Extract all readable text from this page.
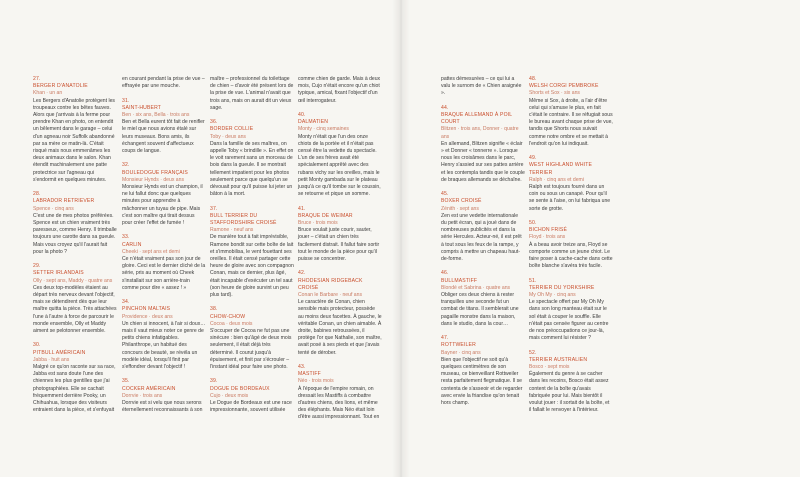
27.
BERGER D'ANATOLIE
Khan · un an
Les Bergers d'Anatolie protègent les troupeaux contre les bêtes fauves. Alors que j'arrivais à la ferme pour prendre Khan en photo, on entendit un bêlement dans le garage – celui d'un agneau noir Suffolk abandonné par sa mère ce matin-là. C'était risqué mais nous emmenâmes les deux animaux dans le salon. Khan étendit machinalement une patte protectrice sur l'agneau qui s'endormit en quelques minutes.
28.
LABRADOR RETRIEVER
Spence · cinq ans
C'est une de mes photos préférées. Spence est un chien vraiment très paresseux, comme Henry. Il trimballe toujours une carotte dans sa gueule. Mais vous croyez qu'il l'aurait fait pour la photo ?
29.
SETTER IRLANDAIS
Olly · sept ans, Maddy · quatre ans
Ces deux top-modèles étaient au départ très nerveux devant l'objectif, mais se détendirent dès que leur maître quitta la pièce. Très attachées l'une à l'autre à force de parcourir le monde ensemble, Olly et Maddy aiment se pelotonner ensemble.
30.
PITBULL AMÉRICAIN
Jabba · huit ans
Malgré ce qu'on raconte sur sa race, Jabba est sans doute l'une des chiennes les plus gentilles que j'ai photographiées. Elle se cachait fréquemment derrière Pooky, un Chihuahua, lorsque des visiteurs entraient dans la pièce, et s'enfuyait
en courant pendant la prise de vue – effrayée par une mouche.
31.
SAINT-HUBERT
Ben · six ans, Bella · trois ans
Ben et Bella eurent tôt fait de renifler le miel que nous avions étalé sur leurs museaux. Bons amis, ils échangent souvent d'affectueux coups de langue.
32.
BOULEDOGUE FRANÇAIS
Monsieur Hynds · deux ans
Monsieur Hynds est un champion, il ne lui fallut donc que quelques minutes pour apprendre à mâchonner un tuyau de pipe. Mais c'est son maître qui tirait dessus pour créer l'effet de fumée !
33.
CARLIN
Cheeki · sept ans et demi
Ce n'était vraiment pas son jour de gloire. Ceci est le dernier cliché de la série, pris au moment où Cheek s'installait sur son arrière-train comme pour dire « assez ! »
34.
PINCHON MALTAIS
Providence · deux ans
Un chien si innocent, à l'air si doux… mais il vaut mieux noter ce genre de petits chiens infatigables. Philanthrope, un habitué des concours de beauté, se révéla un modèle idéal, lorsqu'il finit par s'effondrer devant l'objectif !
35.
COCKER AMÉRICAIN
Dorrvie · trois ans
Dorrvie est si velu que nous serons éternellement reconnaissants à son
maître – professionnel du toilettage de chien – d'avoir été présent lors de la prise de vue. L'animal n'avait que trois ans, mais on aurait dit un vieux sage.
36.
BORDER COLLIE
Toby · deux ans
Dans la famille de ses maîtres, on appelle Toby « brindille ». En effet on le voit rarement sans un morceau de bois dans la gueule. Il se montrait tellement impatient pour les photos seulement parce que quelqu'un se dévouait pour qu'il puisse lui jeter un bâton à la mort.
37.
BULL TERRIER DU STAFFORDSHIRE CROISÉ
Ramone · neuf ans
De manière tout à fait imprévisible, Ramone bondit sur cette boîte de lait et s'immobilisa, le vent fouettant ses oreilles. Il était censé partager cette heure de gloire avec son compagnon Conan, mais ce dernier, plus âgé, était incapable d'exécuter un tel saut (son heure de gloire survint un peu plus tard).
38.
CHOW-CHOW
Cocoa · deux mois
S'occuper de Cocoa ne fut pas une sinécure : bien qu'âgé de deux mois seulement, il était déjà très déterminé. Il courut jusqu'à épuisement, et finit par s'écrouler – l'instant idéal pour faire une photo.
39.
DOGUE DE BORDEAUX
Cujo · deux mois
Le Dogue de Bordeaux est une race impressionnante, souvent utilisée
comme chien de garde. Mais à deux mois, Cujo n'était encore qu'un chiot typique, amical, fixant l'objectif d'un œil interrogateur.
40.
DALMATIEN
Monty · cinq semaines
Monty n'était que l'un des onze chiots de la portée et il n'était pas censé être la vedette du spectacle. L'un de ses frères avait été spécialement apprêté avec des rubans vichy sur les oreilles, mais le petit Monty gambada sur le plateau jusqu'à ce qu'il tombe sur le coussin, se retourne et pique un somme.
41.
BRAQUE DE WEIMAR
Bruce · trois mois
Bruce voulait juste courir, sauter, jouer – c'était un chien très facilement distrait. Il fallut faire sortir tout le monde de la pièce pour qu'il puisse se concentrer.
42.
RHODESIAN RIDGEBACK CROISÉ
Conan le Barbare · neuf ans
Le caractère de Conan, chien sensible mais protecteur, possède au moins deux facettes. À gauche, le véritable Conan, un chien aimable. À droite, babines retroussées, il protège l'or que Nathalie, son maître, avait posé à ses pieds et que j'avais tenté de dérober.
43.
MASTIFF
Néo · trois mois
À l'époque de l'empire romain, on dressait les Mastiffs à combattre d'autres chiens, des lions, et même des éléphants. Mais Néo était loin d'être aussi impressionnant. Tout en
pattes démesurées – ce qui lui a valu le surnom de « Chien araignée ».
44.
BRAQUE ALLEMAND À POIL COURT
Blitzen · trois ans, Donner · quatre ans
En allemand, Blitzen signifie « éclair » et Donner « tonnerre ». Lorsque nous les croisâmes dans le parc, Henry s'assied sur ses pattes arrière et les contempla tandis que le couple de braques allemands se déchaîne.
45.
BOXER CROISÉ
Zénith · sept ans
Zen est une vedette internationale du petit écran, qui a joué dans de nombreuses publicités et dans la série Hercules. Acteur-né, il est prêt à tout sous les feux de la rampe, y compris à mettre un chapeau haut-de-forme.
46.
BULLMASTIFF
Blondé et Sabrina · quatre ans
Obliger ces deux chiens à rester tranquilles une seconde fut un combat de titans. Il semblerait une pagaille monstre dans la maison, dans le studio, dans la cour…
47.
ROTTWEILER
Bayner · cinq ans
Bien que l'objectif ne soit qu'à quelques centimètres de son museau, ce bienveillant Rottweiler resta parfaitement flegmatique. Il se contenta de s'asseoir et de regarder avec envie la friandise qu'on tenait hors champ.
48.
WELSH CORGI PEMBROKE
Shorts et Sox · six ans
Même si Sox, à droite, a l'air d'être celui qui s'amuse le plus, en fait c'était le contraire. Il se réfugiait sous le bureau avant chaque prise de vue, tandis que Shorts nous suivait comme notre ombre et se mettait à l'endroit qu'on lui indiquait.
49.
WEST HIGHLAND WHITE TERRIER
Ralph · cinq ans et demi
Ralph est toujours fourré dans un coin ou sous un canapé. Pour qu'il se sente à l'aise, on lui fabriqua une sorte de grotte.
50.
BICHON FRISÉ
Floyd · trois ans
À a beau avoir treize ans, Floyd se comporte comme un jeune chiot. Le faire poser à cache-cache dans cette boîte blanche s'avéra très facile.
51.
TERRIER DU YORKSHIRE
My Oh My · cinq ans
Le spectacle offert par My Oh My dans son long manteau était sur le sol était à couper le souffle. Elle n'était pas censée figurer au centre de nos préoccupations ce jour-là, mais comment lui résister ?
52.
TERRIER AUSTRALIEN
Bosco · sept mois
Également du genre à se cacher dans les recoins, Bosco était assez content de la boîte qu'avais fabriquée pour lui. Mais bientôt il voulut jouer : il sortait de la boîte, et il fallait le renvoyer à l'intérieur.
